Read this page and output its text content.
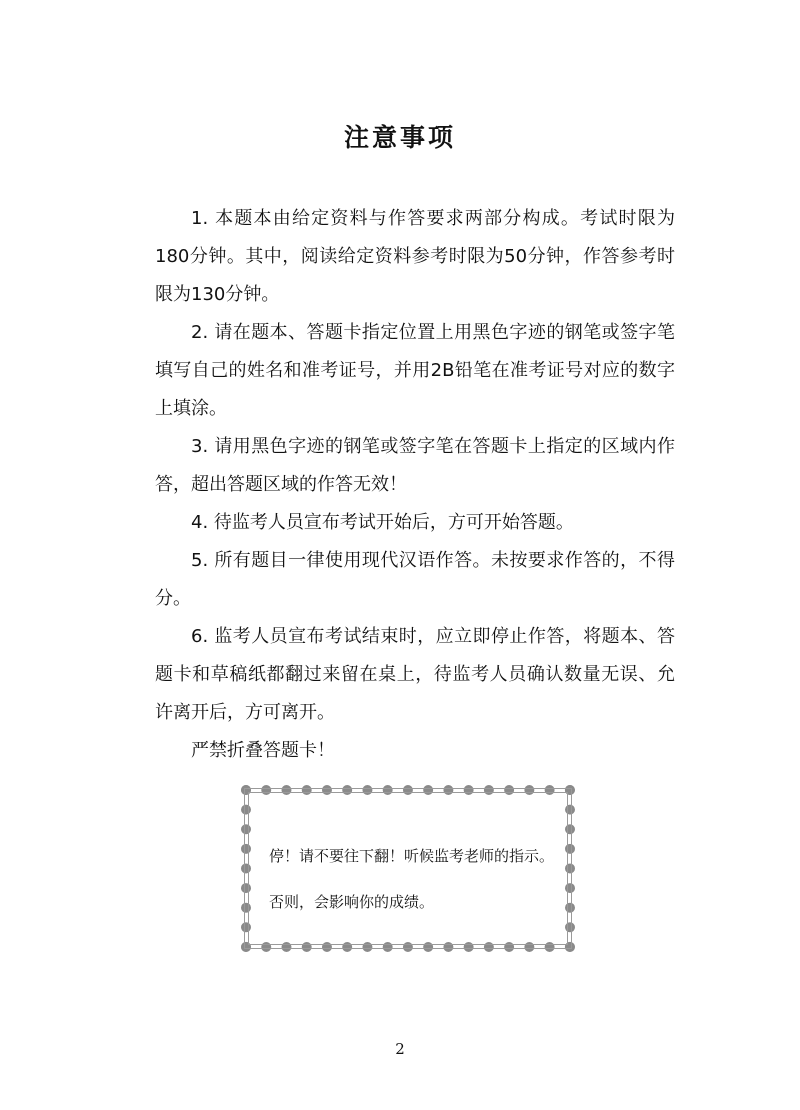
注意事项

1. 本题本由给定资料与作答要求两部分构成。考试时限为180分钟。其中，阅读给定资料参考时限为50分钟，作答参考时限为130分钟。

2. 请在题本、答题卡指定位置上用黑色字迹的钢笔或签字笔填写自己的姓名和准考证号，并用2B铅笔在准考证号对应的数字上填涂。

3. 请用黑色字迹的钢笔或签字笔在答题卡上指定的区域内作答，超出答题区域的作答无效！

4. 待监考人员宣布考试开始后，方可开始答题。

5. 所有题目一律使用现代汉语作答。未按要求作答的，不得分。

6. 监考人员宣布考试结束时，应立即停止作答，将题本、答题卡和草稿纸都翻过来留在桌上，待监考人员确认数量无误、允许离开后，方可离开。

严禁折叠答题卡！

停！请不要往下翻！听候监考老师的指示。
否则，会影响你的成绩。
2
